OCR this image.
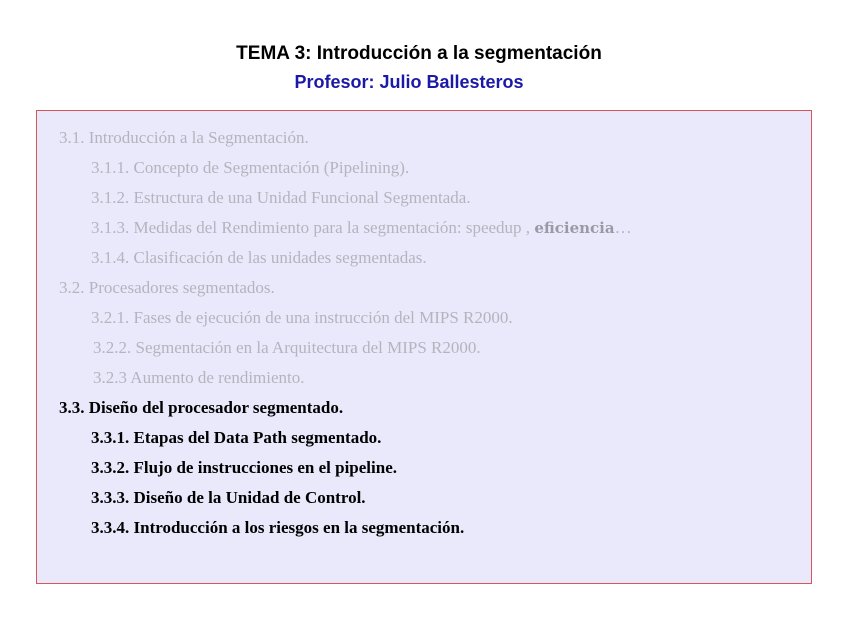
TEMA 3: Introducción a la segmentación
Profesor: Julio Ballesteros
3.1. Introducción a la Segmentación.
3.1.1. Concepto de Segmentación (Pipelining).
3.1.2. Estructura de una Unidad Funcional Segmentada.
3.1.3. Medidas del Rendimiento para la segmentación: speedup , eficiencia…
3.1.4. Clasificación de las unidades segmentadas.
3.2. Procesadores segmentados.
3.2.1. Fases de ejecución de una instrucción del MIPS R2000.
3.2.2. Segmentación en la Arquitectura del MIPS R2000.
3.2.3 Aumento de rendimiento.
3.3. Diseño del procesador segmentado.
3.3.1. Etapas del Data Path segmentado.
3.3.2. Flujo de instrucciones en el pipeline.
3.3.3. Diseño de la Unidad de Control.
3.3.4. Introducción a los riesgos en la segmentación.
